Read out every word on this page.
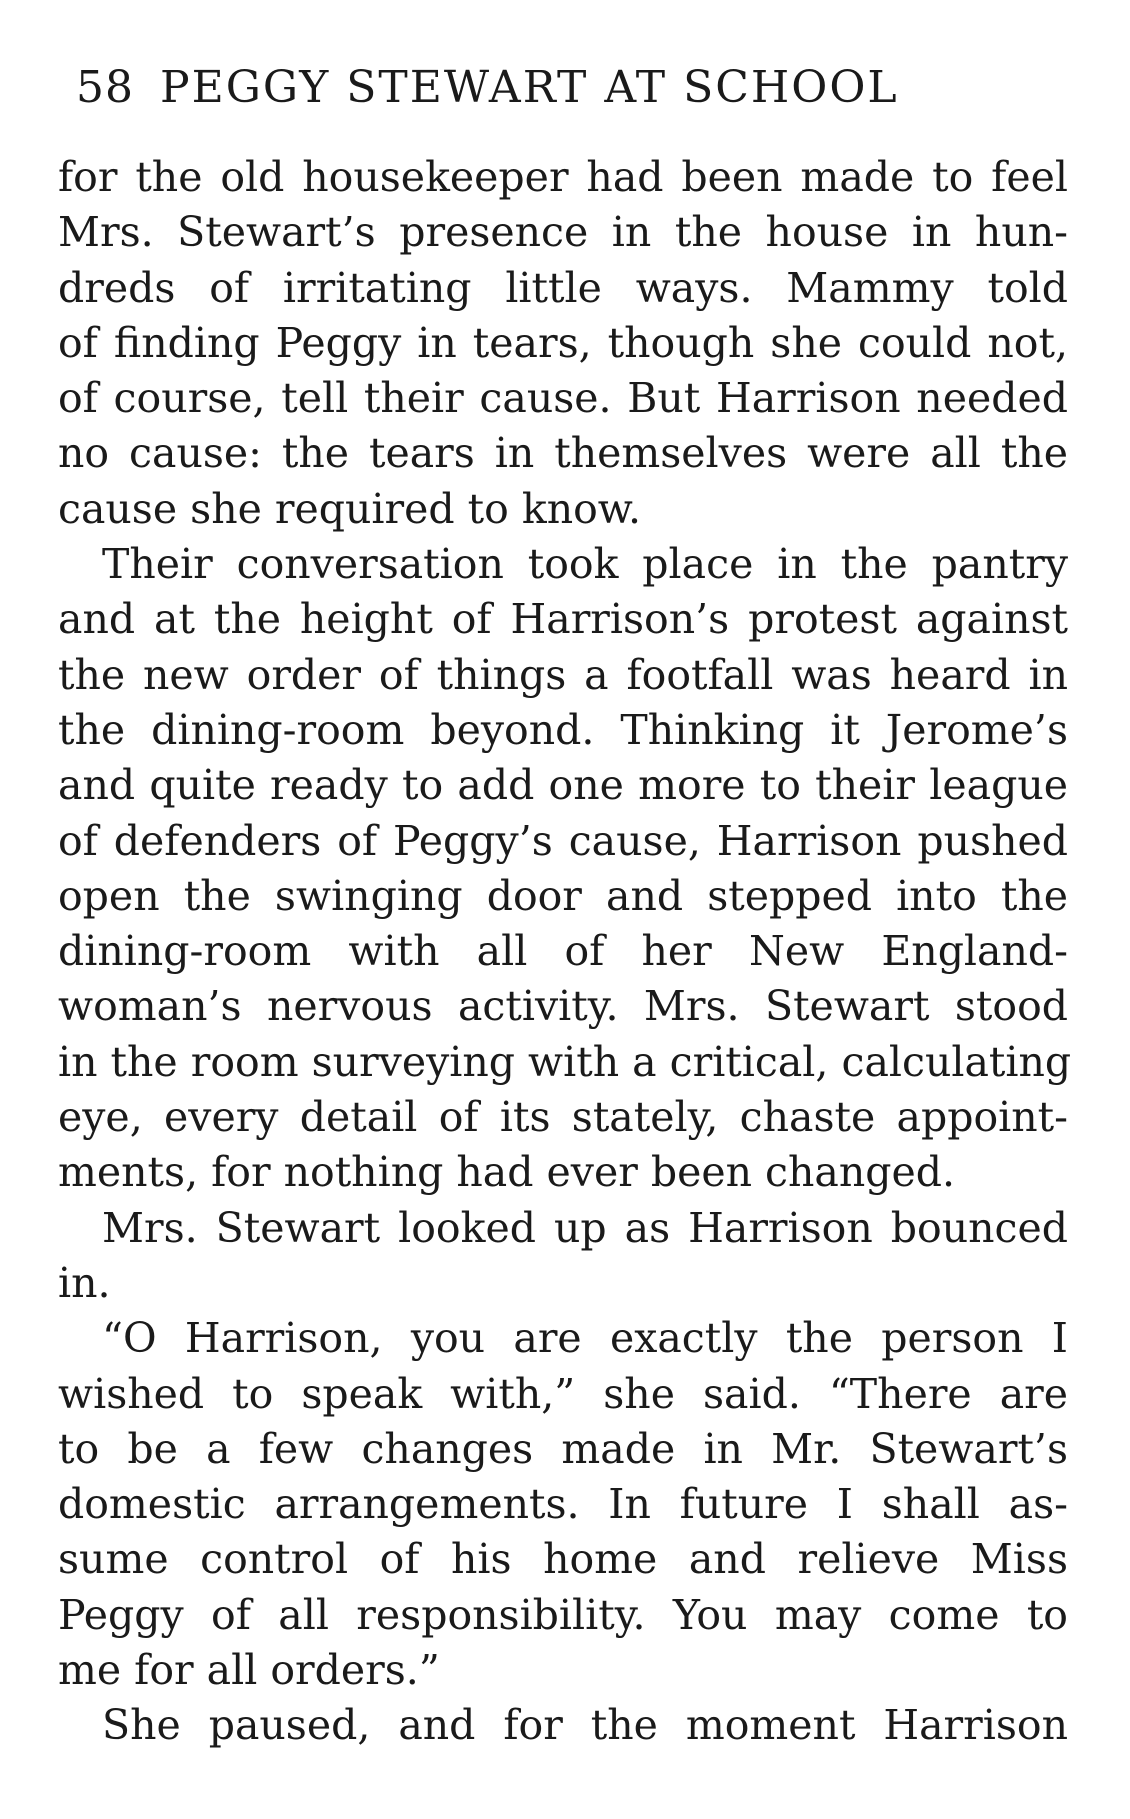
58 PEGGY STEWART AT SCHOOL
for the old housekeeper had been made to feel
Mrs. Stewart’s presence in the house in hun-
dreds of irritating little ways. Mammy told
of finding Peggy in tears, though she could not,
of course, tell their cause. But Harrison needed
no cause: the tears in themselves were all the
cause she required to know.
Their conversation took place in the pantry
and at the height of Harrison’s protest against
the new order of things a footfall was heard in
the dining-room beyond. Thinking it Jerome’s
and quite ready to add one more to their league
of defenders of Peggy’s cause, Harrison pushed
open the swinging door and stepped into the
dining-room with all of her New England-
woman’s nervous activity. Mrs. Stewart stood
in the room surveying with a critical, calculating
eye, every detail of its stately, chaste appoint-
ments, for nothing had ever been changed.
Mrs. Stewart looked up as Harrison bounced
in.
“O Harrison, you are exactly the person I
wished to speak with,” she said. “There are
to be a few changes made in Mr. Stewart’s
domestic arrangements. In future I shall as-
sume control of his home and relieve Miss
Peggy of all responsibility. You may come to
me for all orders.”
She paused, and for the moment Harrison
